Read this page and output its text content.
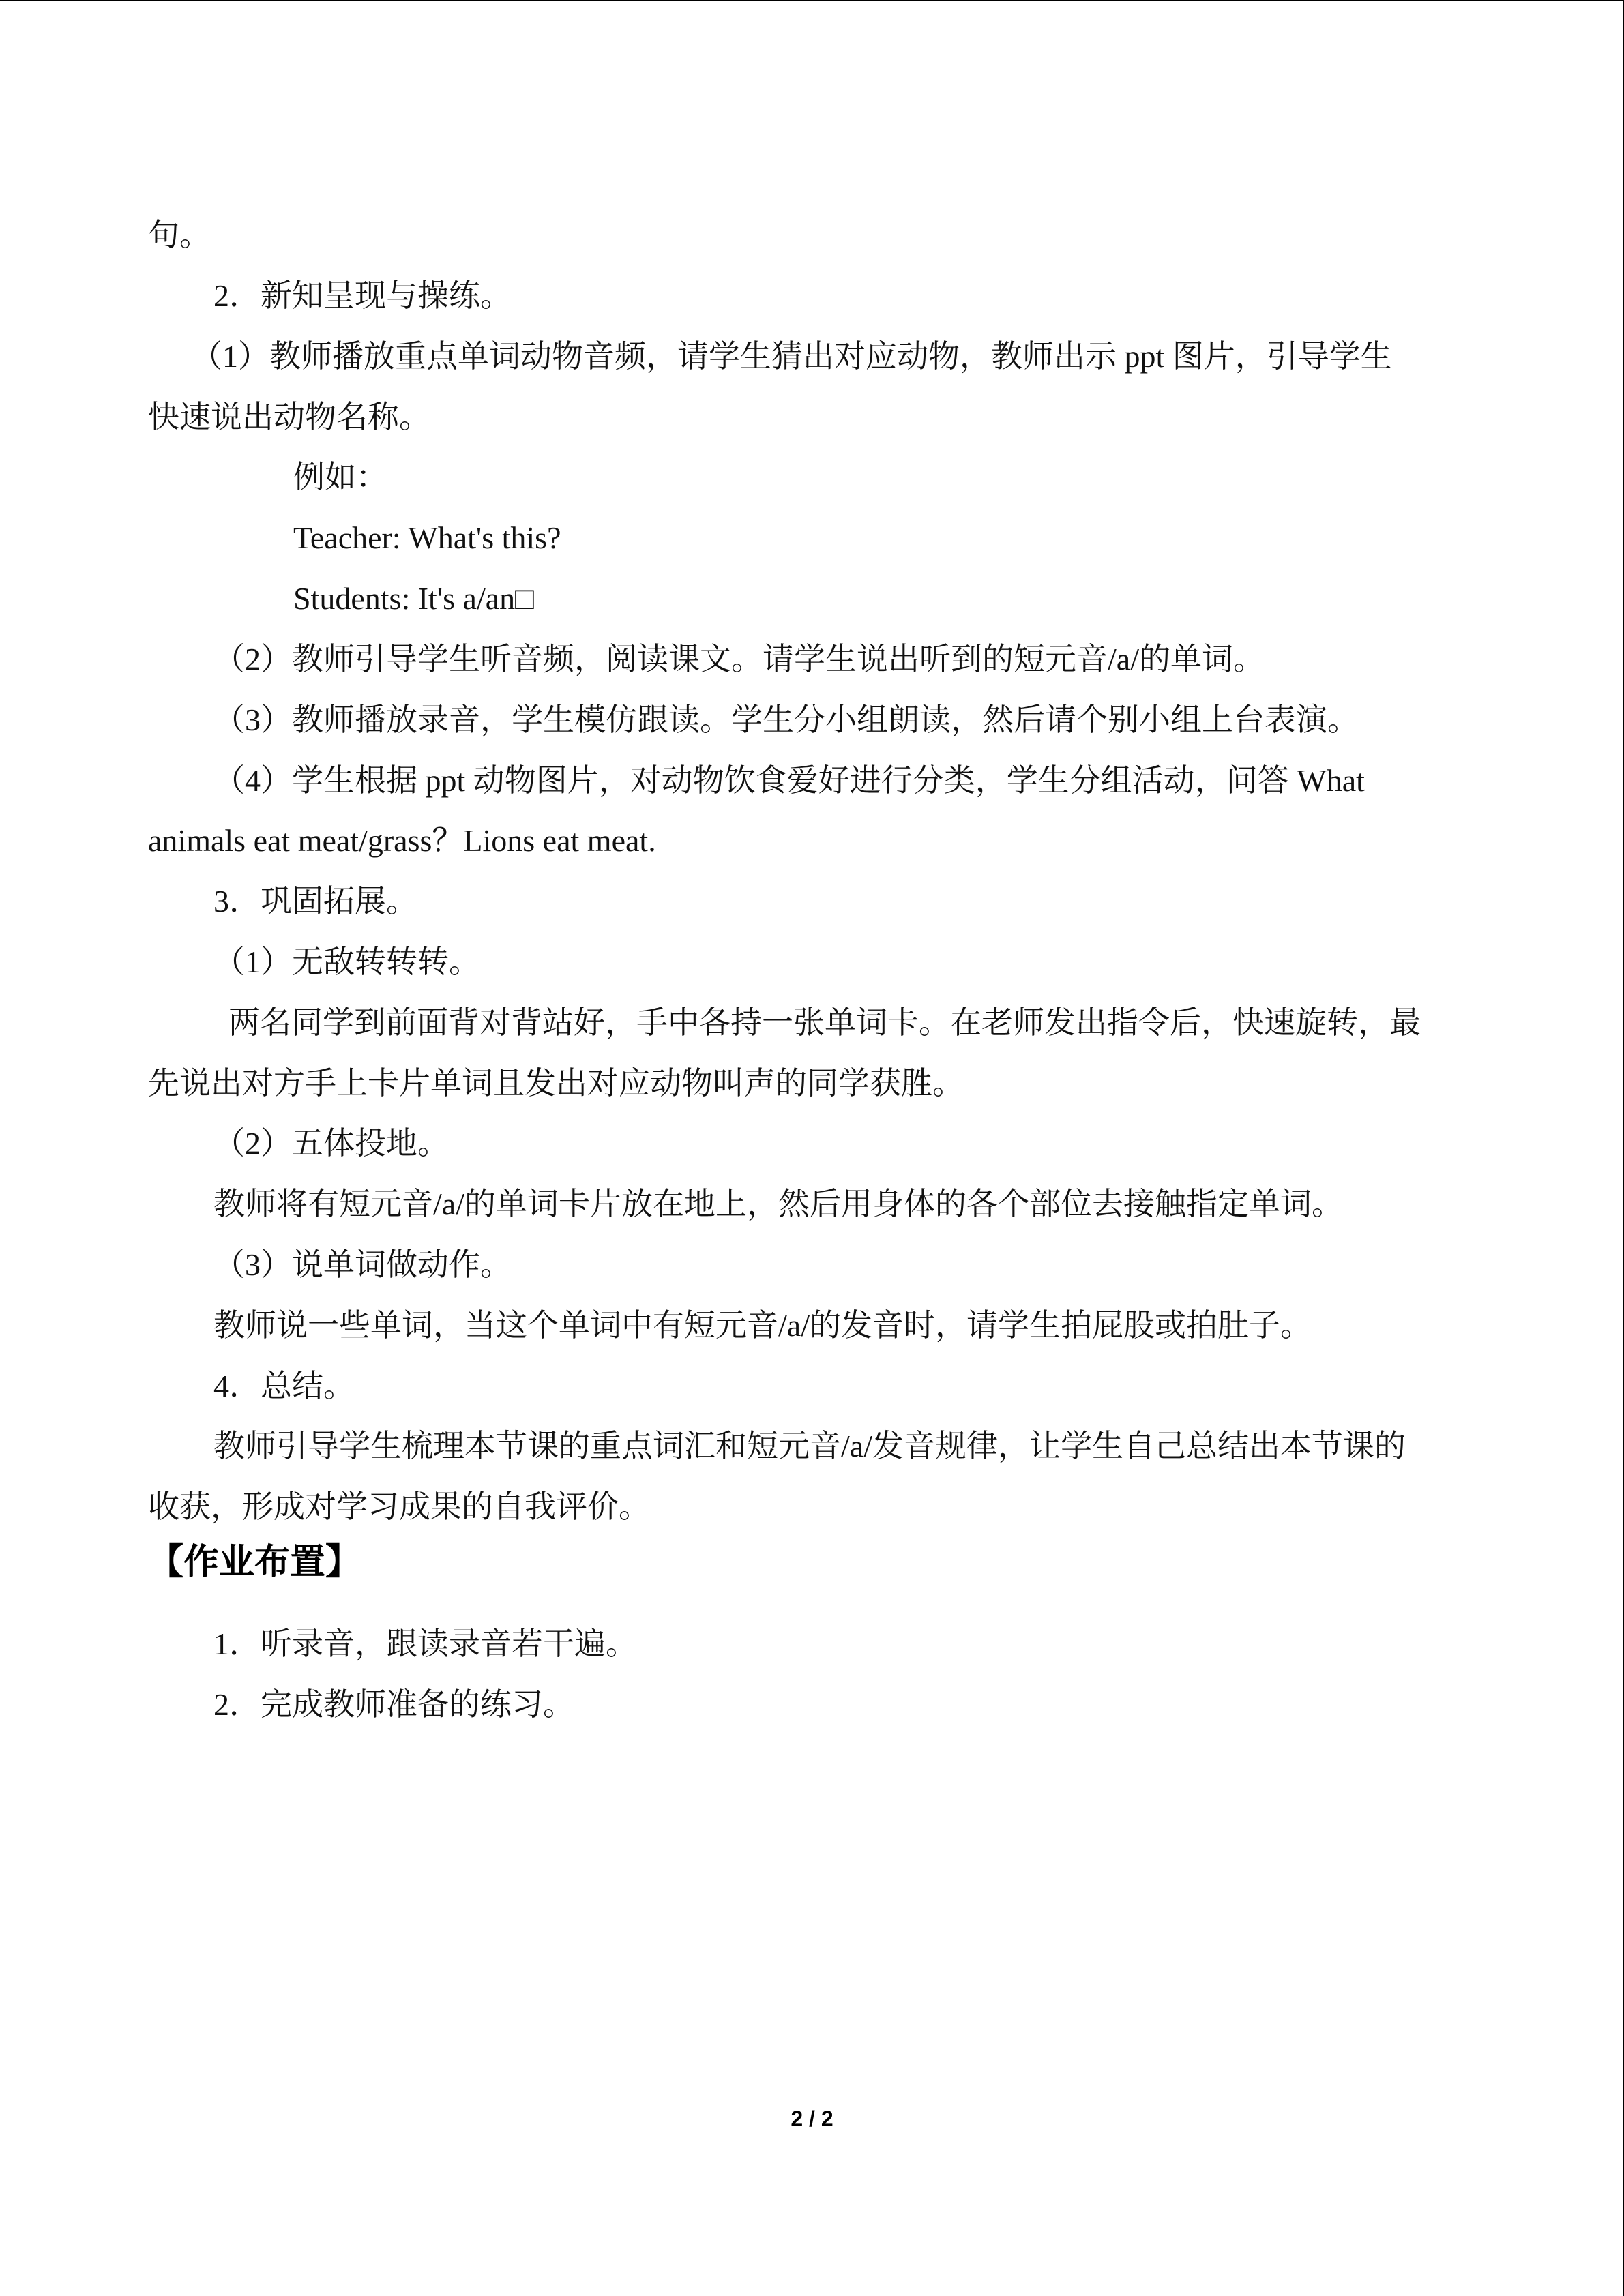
句。
2．新知呈现与操练。
（1）教师播放重点单词动物音频，请学生猜出对应动物，教师出示 ppt 图片，引导学生
快速说出动物名称。
例如：
Teacher: What's this?
Students: It's a/an□
（2）教师引导学生听音频，阅读课文。请学生说出听到的短元音/a/的单词。
（3）教师播放录音，学生模仿跟读。学生分小组朗读，然后请个别小组上台表演。
（4）学生根据 ppt 动物图片，对动物饮食爱好进行分类，学生分组活动，问答 What
animals eat meat/grass？Lions eat meat.
3．巩固拓展。
（1）无敌转转转。
两名同学到前面背对背站好，手中各持一张单词卡。在老师发出指令后，快速旋转，最
先说出对方手上卡片单词且发出对应动物叫声的同学获胜。
（2）五体投地。
教师将有短元音/a/的单词卡片放在地上，然后用身体的各个部位去接触指定单词。
（3）说单词做动作。
教师说一些单词，当这个单词中有短元音/a/的发音时，请学生拍屁股或拍肚子。
4．总结。
教师引导学生梳理本节课的重点词汇和短元音/a/发音规律，让学生自己总结出本节课的
收获，形成对学习成果的自我评价。
【作业布置】
1．听录音，跟读录音若干遍。
2．完成教师准备的练习。
2 / 2
